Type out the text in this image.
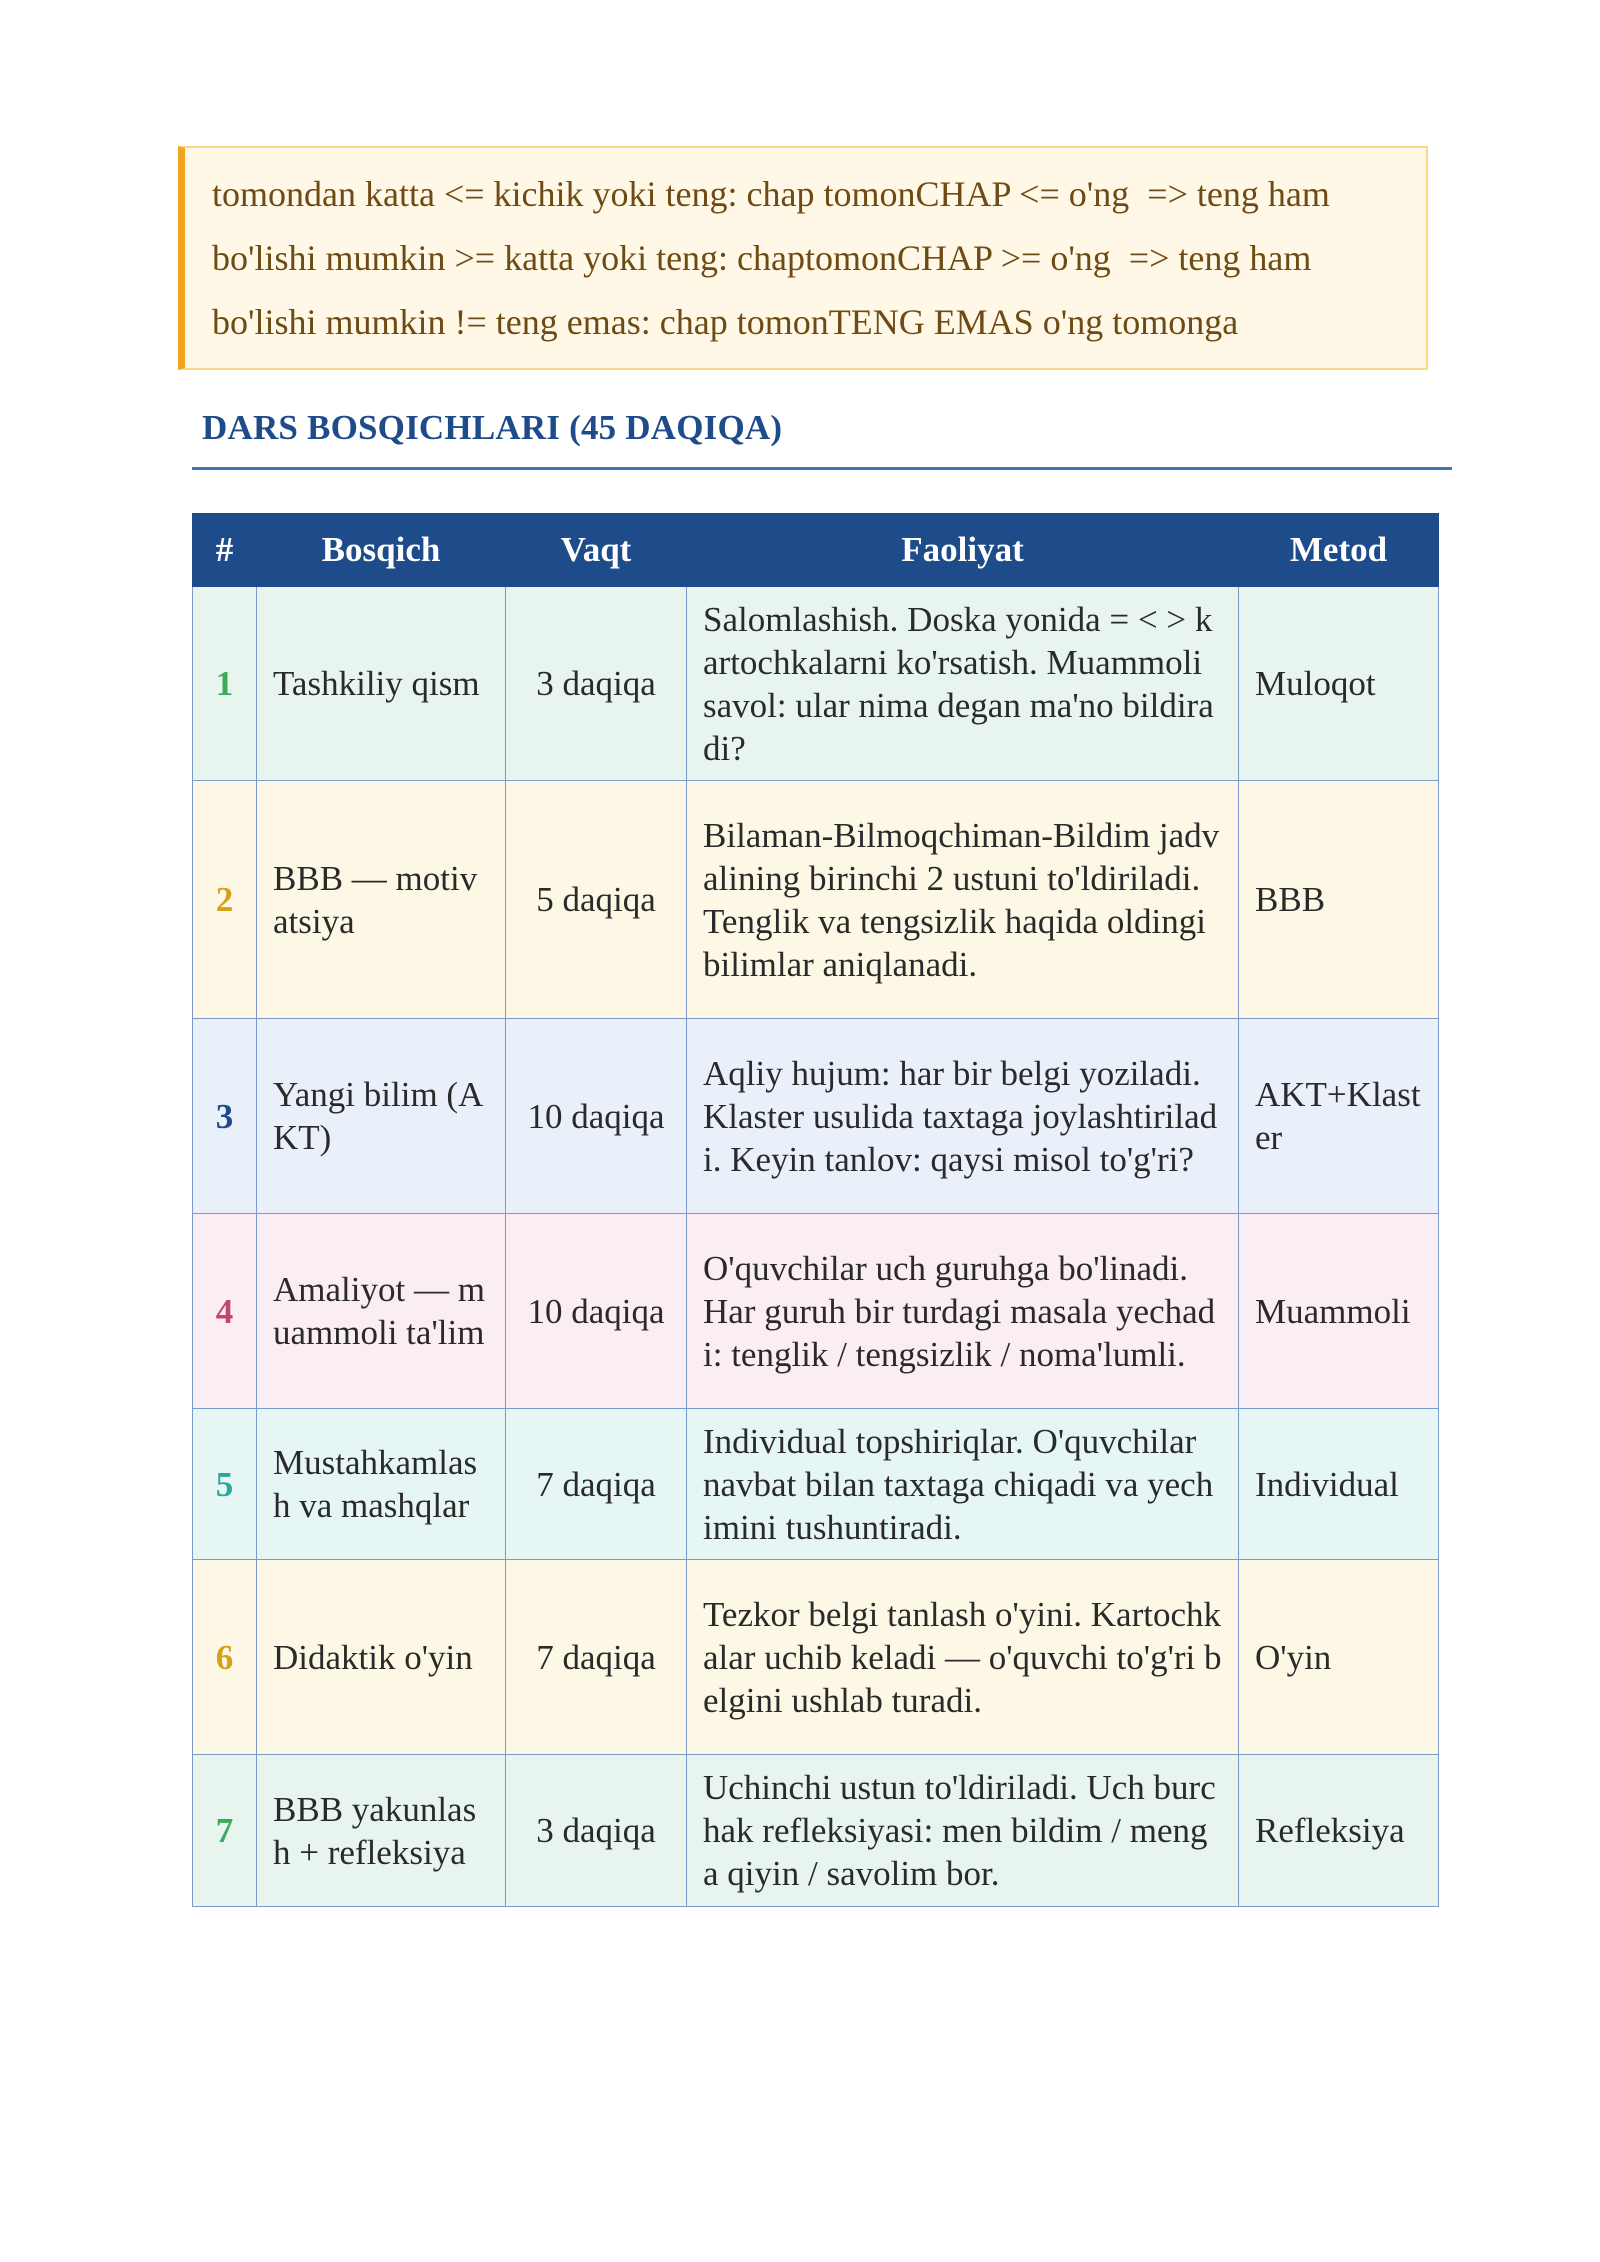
tomondan katta <= kichik yoki teng: chap tomonCHAP <= o'ng  => teng ham
bo'lishi mumkin >= katta yoki teng: chaptomonCHAP >= o'ng  => teng ham
bo'lishi mumkin != teng emas: chap tomonTENG EMAS o'ng tomonga
DARS BOSQICHLARI (45 DAQIQA)
#	Bosqich	Vaqt	Faoliyat	Metod
1	Tashkiliy qism	3 daqiqa	Salomlashish. Doska yonida = < > kartochkalarni ko'rsatish. Muammoli savol: ular nima degan ma'no bildiradi?	Muloqot
2	BBB — motivatsiya	5 daqiqa	Bilaman-Bilmoqchiman-Bildim jadvalining birinchi 2 ustuni to'ldiriladi. Tenglik va tengsizlik haqida oldingi bilimlar aniqlanadi.	BBB
3	Yangi bilim (AKT)	10 daqiqa	Aqliy hujum: har bir belgi yoziladi. Klaster usulida taxtaga joylashtiriladi. Keyin tanlov: qaysi misol to'g'ri?	AKT+Klaster
4	Amaliyot — muammoli ta'lim	10 daqiqa	O'quvchilar uch guruhga bo'linadi. Har guruh bir turdagi masala yechadi: tenglik / tengsizlik / noma'lumli.	Muammoli
5	Mustahkamlash va mashqlar	7 daqiqa	Individual topshiriqlar. O'quvchilar navbat bilan taxtaga chiqadi va yechimini tushuntiradi.	Individual
6	Didaktik o'yin	7 daqiqa	Tezkor belgi tanlash o'yini. Kartochkalar uchib keladi — o'quvchi to'g'ri belgini ushlab turadi.	O'yin
7	BBB yakunlash + refleksiya	3 daqiqa	Uchinchi ustun to'ldiriladi. Uch burchak refleksiyasi: men bildim / menga qiyin / savolim bor.	Refleksiya
